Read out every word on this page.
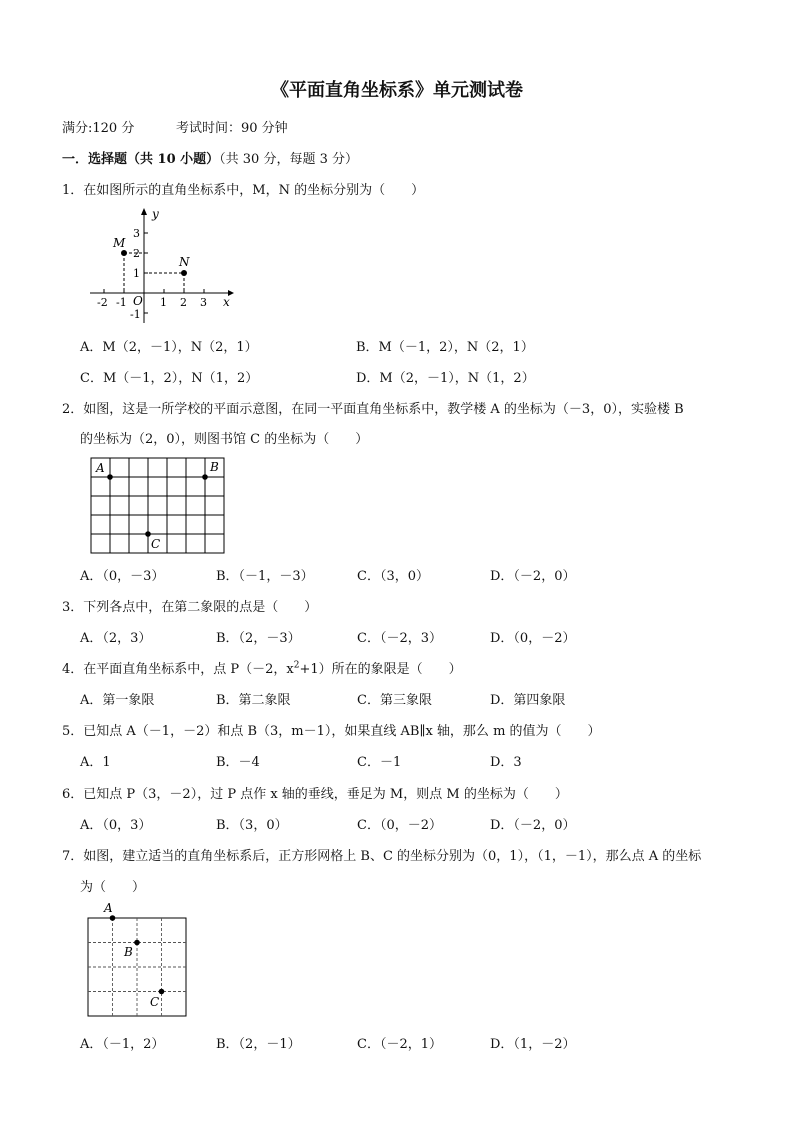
《平面直角坐标系》单元测试卷
满分:120 分	考试时间：90 分钟
一．选择题（共 10 小题）（共 30 分，每题 3 分）
1．在如图所示的直角坐标系中，M，N 的坐标分别为（　　）
y
x
M
N
O
3
2
1
-1
-2 -1	1 2 3
A．M（2，－1），N（2，1）	B．M（－1，2），N（2，1）
C．M（－1，2），N（1，2）	D．M（2，－1），N（1，2）
2．如图，这是一所学校的平面示意图，在同一平面直角坐标系中，教学楼 A 的坐标为（－3，0），实验楼 B
的坐标为（2，0），则图书馆 C 的坐标为（　　）
A	B
C
A．（0，－3）	B．（－1，－3）	C．（3，0）	D．（－2，0）
3．下列各点中，在第二象限的点是（　　）
A．（2，3）	B．（2，－3）	C．（－2，3）	D．（0，－2）
4．在平面直角坐标系中，点 P（－2，$x^2+1$）所在的象限是（　　）
A．第一象限	B．第二象限	C．第三象限	D．第四象限
5．已知点 A（－1，－2）和点 B（3，m－1），如果直线 AB∥x 轴，那么 m 的值为（　　）
A．1	B．－4	C．－1	D．3
6．已知点 P（3，－2），过 P 点作 x 轴的垂线，垂足为 M，则点 M 的坐标为（　　）
A．（0，3）	B．（3，0）	C．（0，－2）	D．（－2，0）
7．如图，建立适当的直角坐标系后，正方形网格上 B、C 的坐标分别为（0，1），（1，－1），那么点 A 的坐标
为（　　）
A
B
C
A．（－1，2）	B．（2，－1）	C．（－2，1）	D．（1，－2）
